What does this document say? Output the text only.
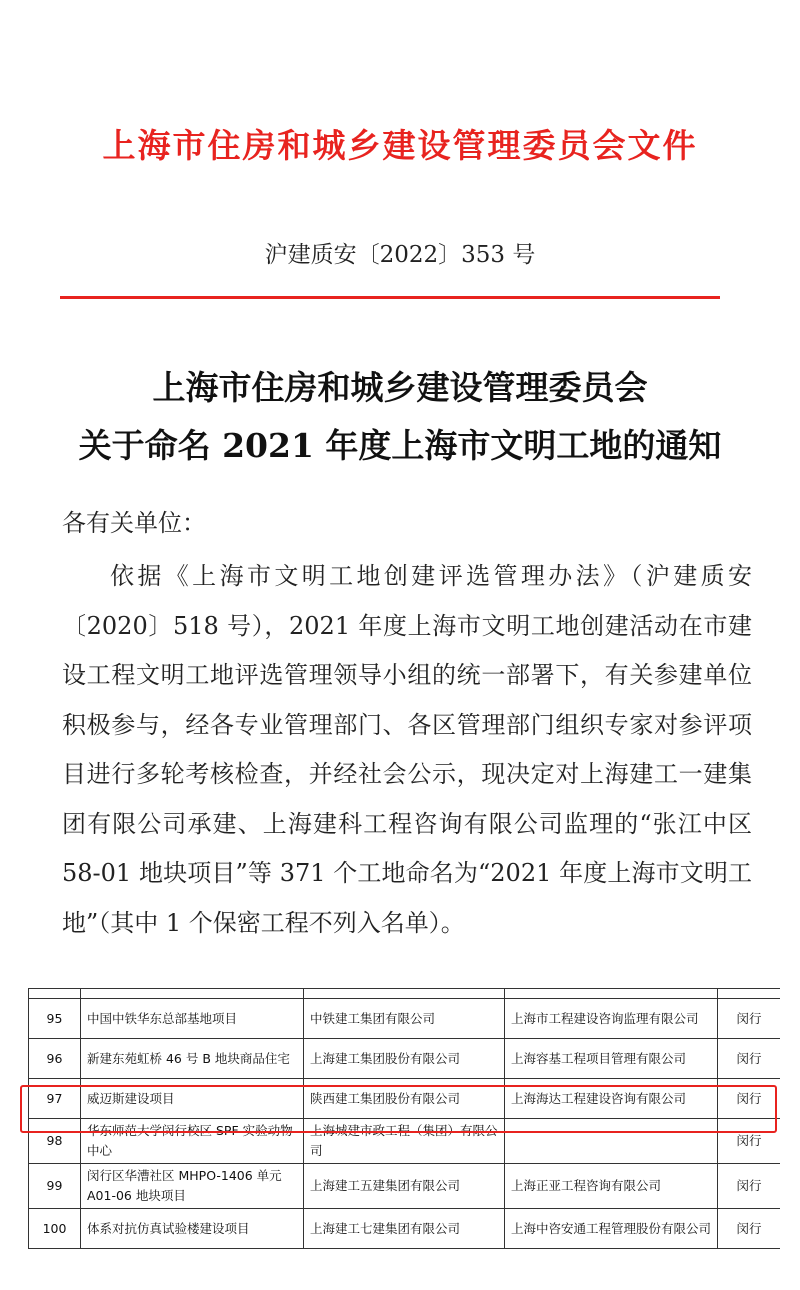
上海市住房和城乡建设管理委员会文件
沪建质安〔2022〕353 号
上海市住房和城乡建设管理委员会
关于命名 2021 年度上海市文明工地的通知
各有关单位：

依据《上海市文明工地创建评选管理办法》（沪建质安〔2020〕518 号），2021 年度上海市文明工地创建活动在市建设工程文明工地评选管理领导小组的统一部署下，有关参建单位积极参与，经各专业管理部门、各区管理部门组织专家对参评项目进行多轮考核检查，并经社会公示，现决定对上海建工一建集团有限公司承建、上海建科工程咨询有限公司监理的“张江中区 58-01 地块项目”等 371 个工地命名为“2021 年度上海市文明工地”（其中 1 个保密工程不列入名单）。

95	中国中铁华东总部基地项目	中铁建工集团有限公司	上海市工程建设咨询监理有限公司	闵行
96	新建东苑虹桥 46 号 B 地块商品住宅	上海建工集团股份有限公司	上海容基工程项目管理有限公司	闵行
97	威迈斯建设项目	陕西建工集团股份有限公司	上海海达工程建设咨询有限公司	闵行
98	华东师范大学闵行校区 SPF 实验动物中心	上海城建市政工程（集团）有限公司		闵行
99	闵行区华漕社区 MHPO-1406 单元 A01-06 地块项目	上海建工五建集团有限公司	上海正亚工程咨询有限公司	闵行
100	体系对抗仿真试验楼建设项目	上海建工七建集团有限公司	上海中咨安通工程管理股份有限公司	闵行
